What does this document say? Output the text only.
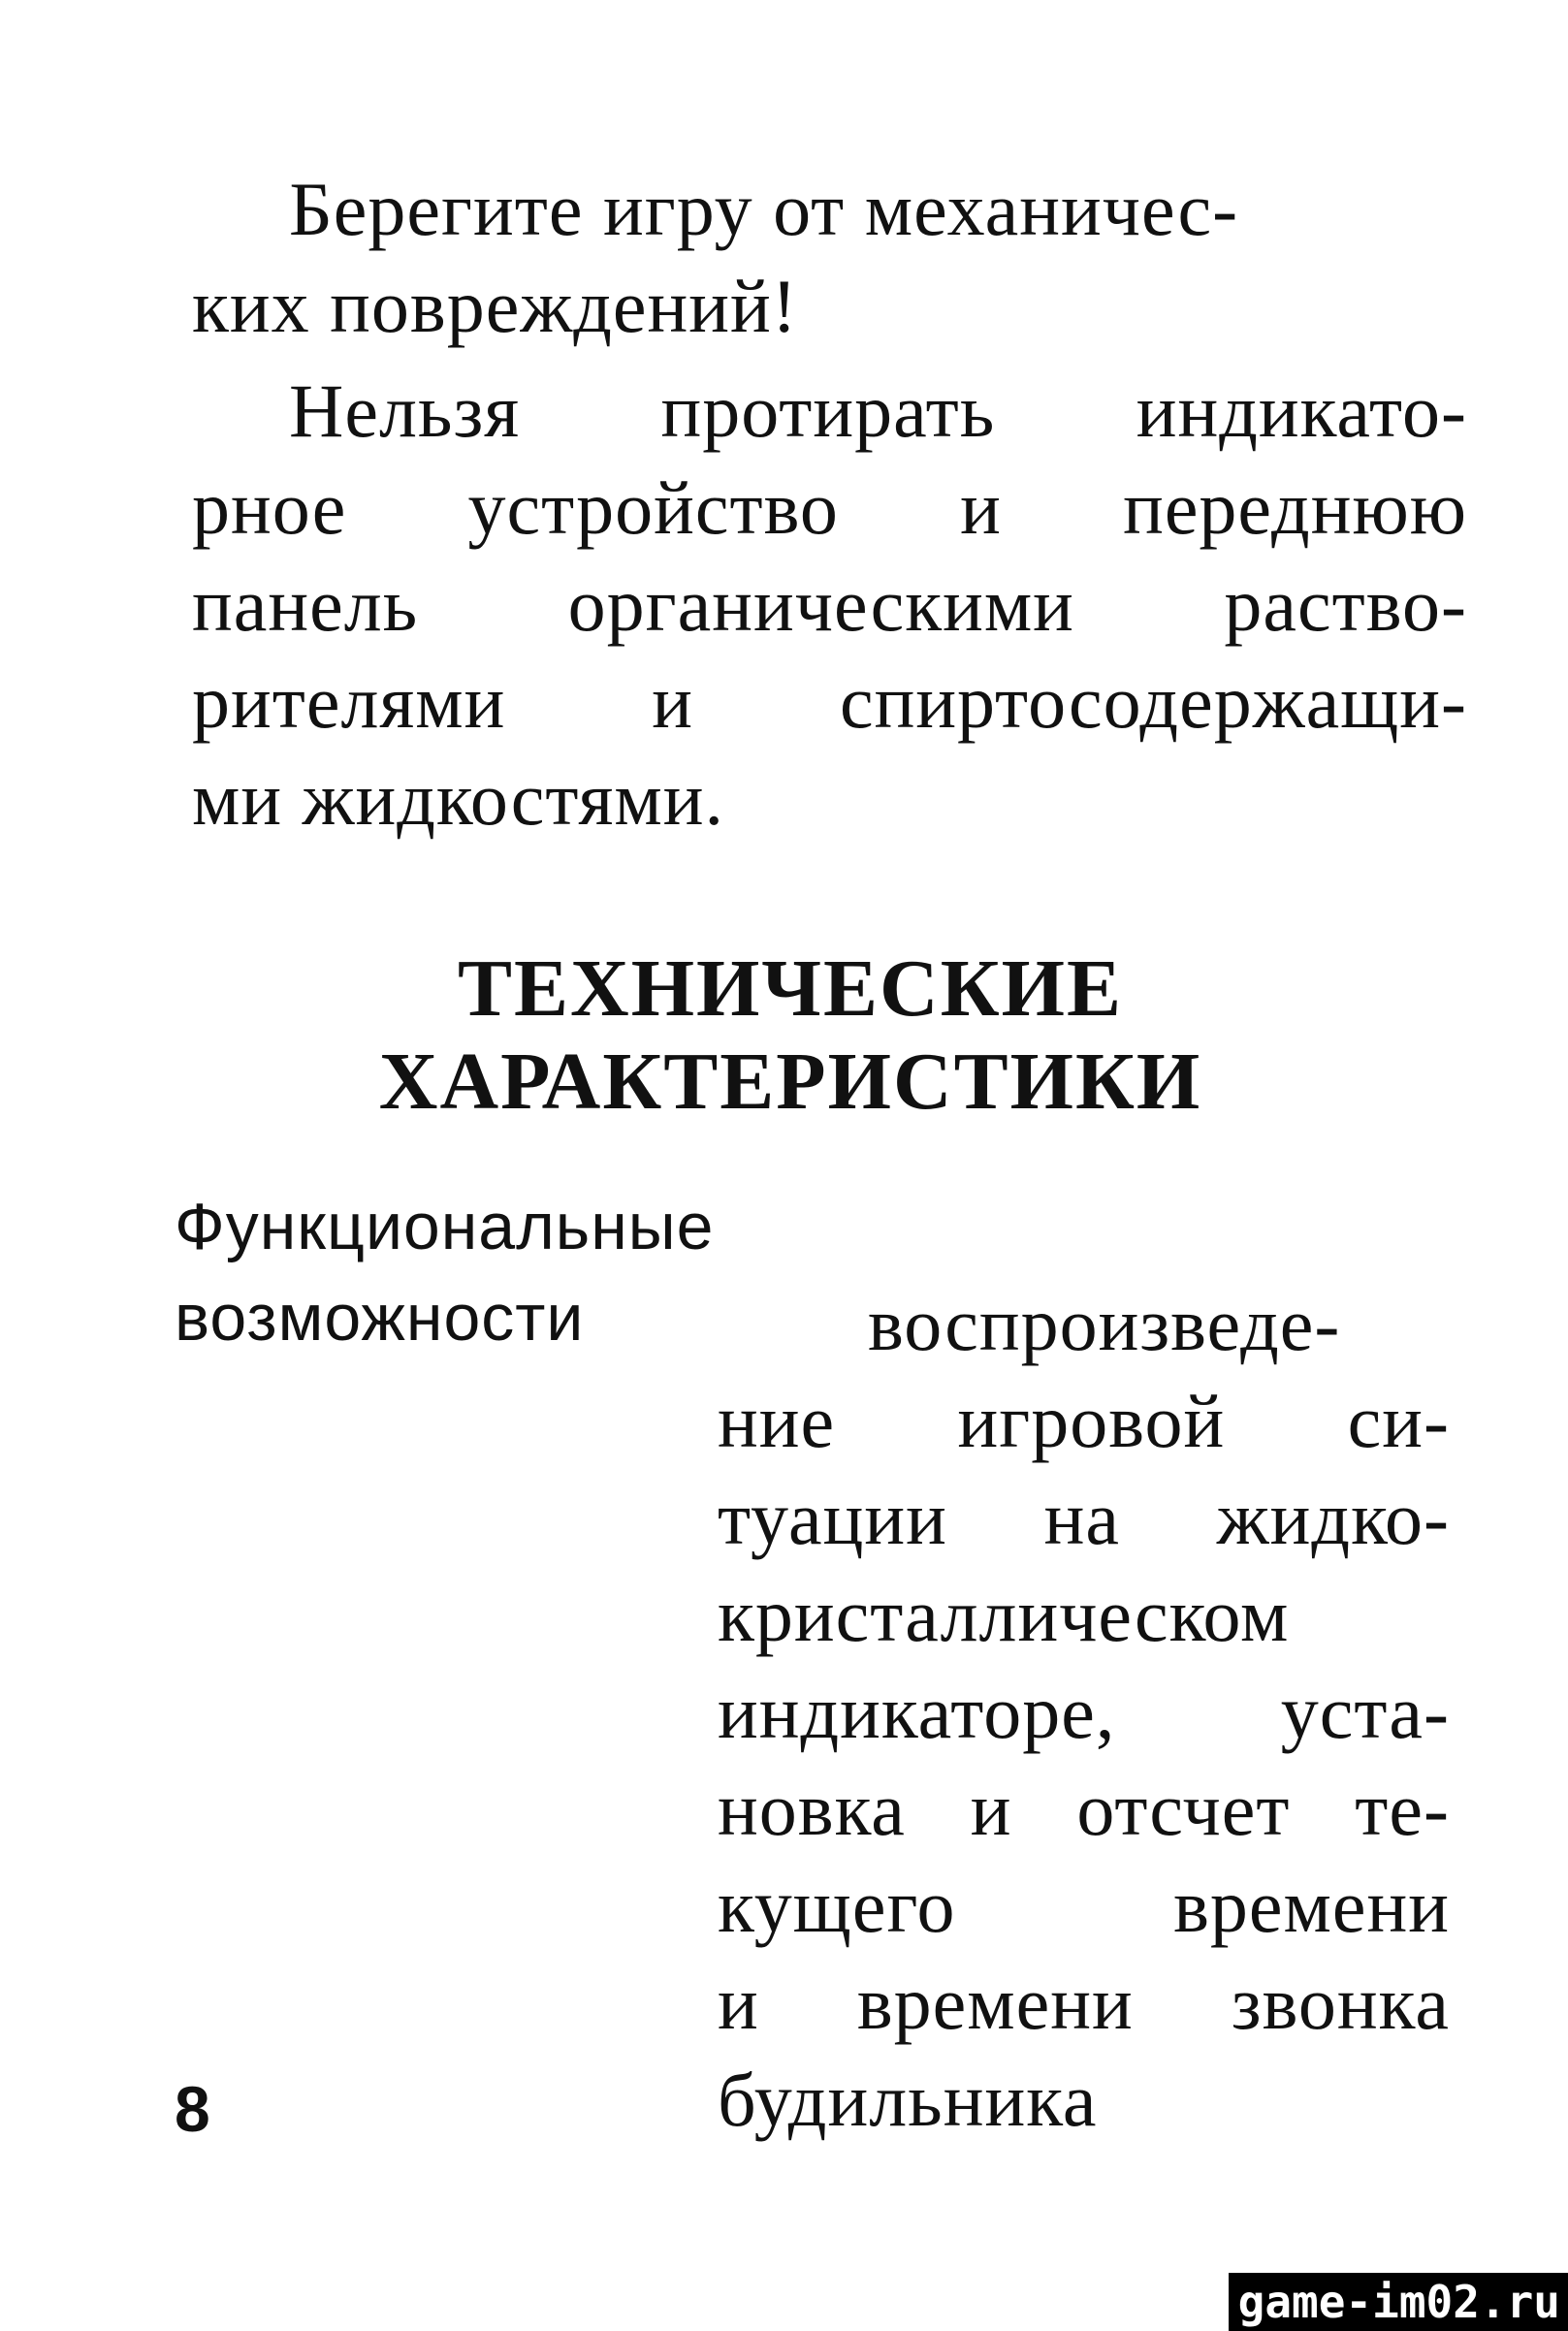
Берегите игру от механичес-
ких повреждений!
Нельзя протирать индикато-
рное устройство и переднюю
панель органическими раство-
рителями и спиртосодержащи-
ми жидкостями.
ТЕХНИЧЕСКИЕ
ХАРАКТЕРИСТИКИ
Функциональные
возможности	воспроизведе-
ние игровой си-
туации на жидко-
кристаллическом
индикаторе, уста-
новка и отсчет те-
кущего времени
и времени звонка
будильника
8
game-im02.ru
